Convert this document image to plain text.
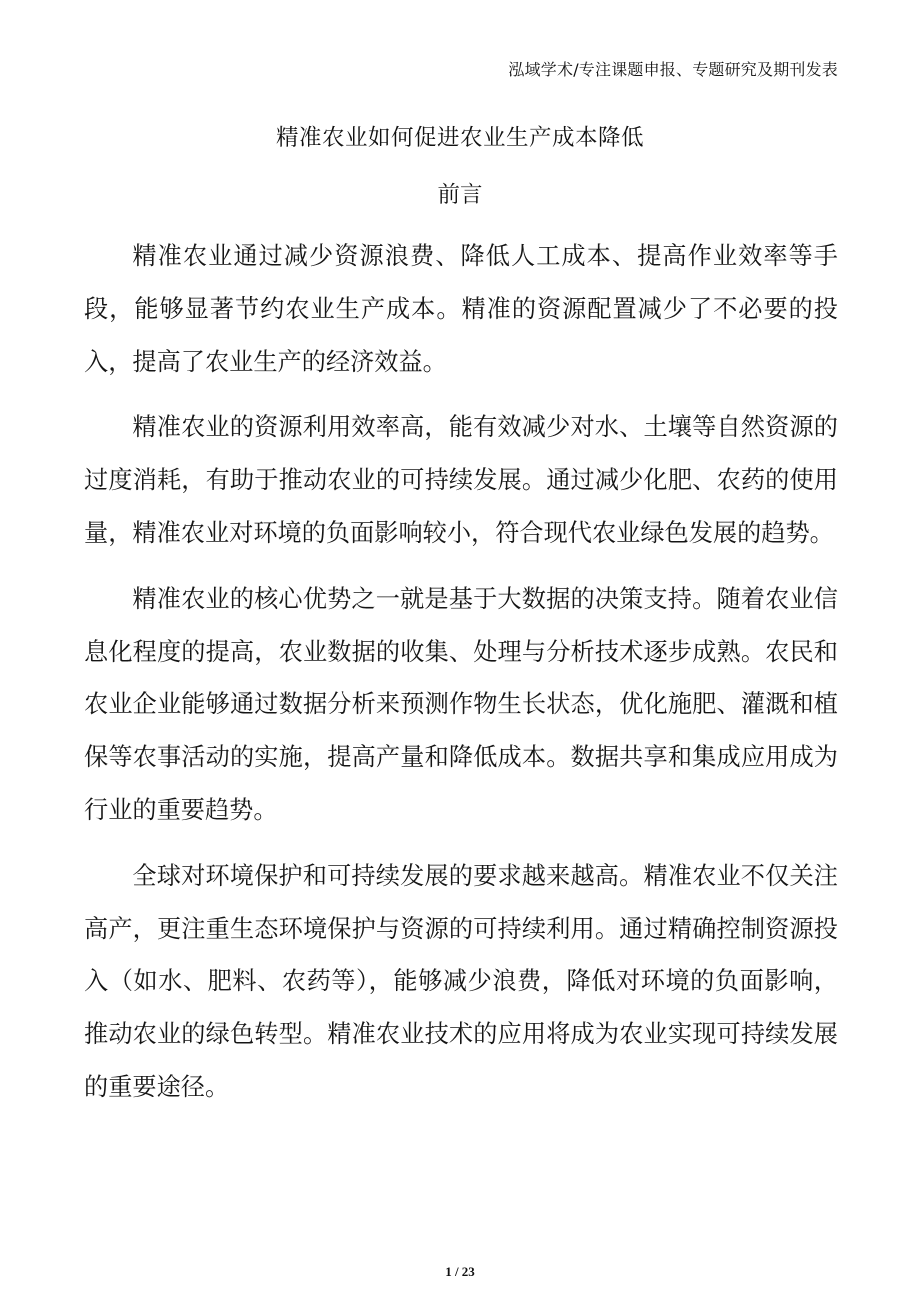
泓域学术/专注课题申报、专题研究及期刊发表
精准农业如何促进农业生产成本降低
前言

精准农业通过减少资源浪费、降低人工成本、提高作业效率等手段，能够显著节约农业生产成本。精准的资源配置减少了不必要的投入，提高了农业生产的经济效益。

精准农业的资源利用效率高，能有效减少对水、土壤等自然资源的过度消耗，有助于推动农业的可持续发展。通过减少化肥、农药的使用量，精准农业对环境的负面影响较小，符合现代农业绿色发展的趋势。

精准农业的核心优势之一就是基于大数据的决策支持。随着农业信息化程度的提高，农业数据的收集、处理与分析技术逐步成熟。农民和农业企业能够通过数据分析来预测作物生长状态，优化施肥、灌溉和植保等农事活动的实施，提高产量和降低成本。数据共享和集成应用成为行业的重要趋势。

全球对环境保护和可持续发展的要求越来越高。精准农业不仅关注高产，更注重生态环境保护与资源的可持续利用。通过精确控制资源投入（如水、肥料、农药等），能够减少浪费，降低对环境的负面影响，推动农业的绿色转型。精准农业技术的应用将成为农业实现可持续发展的重要途径。

1 / 23
